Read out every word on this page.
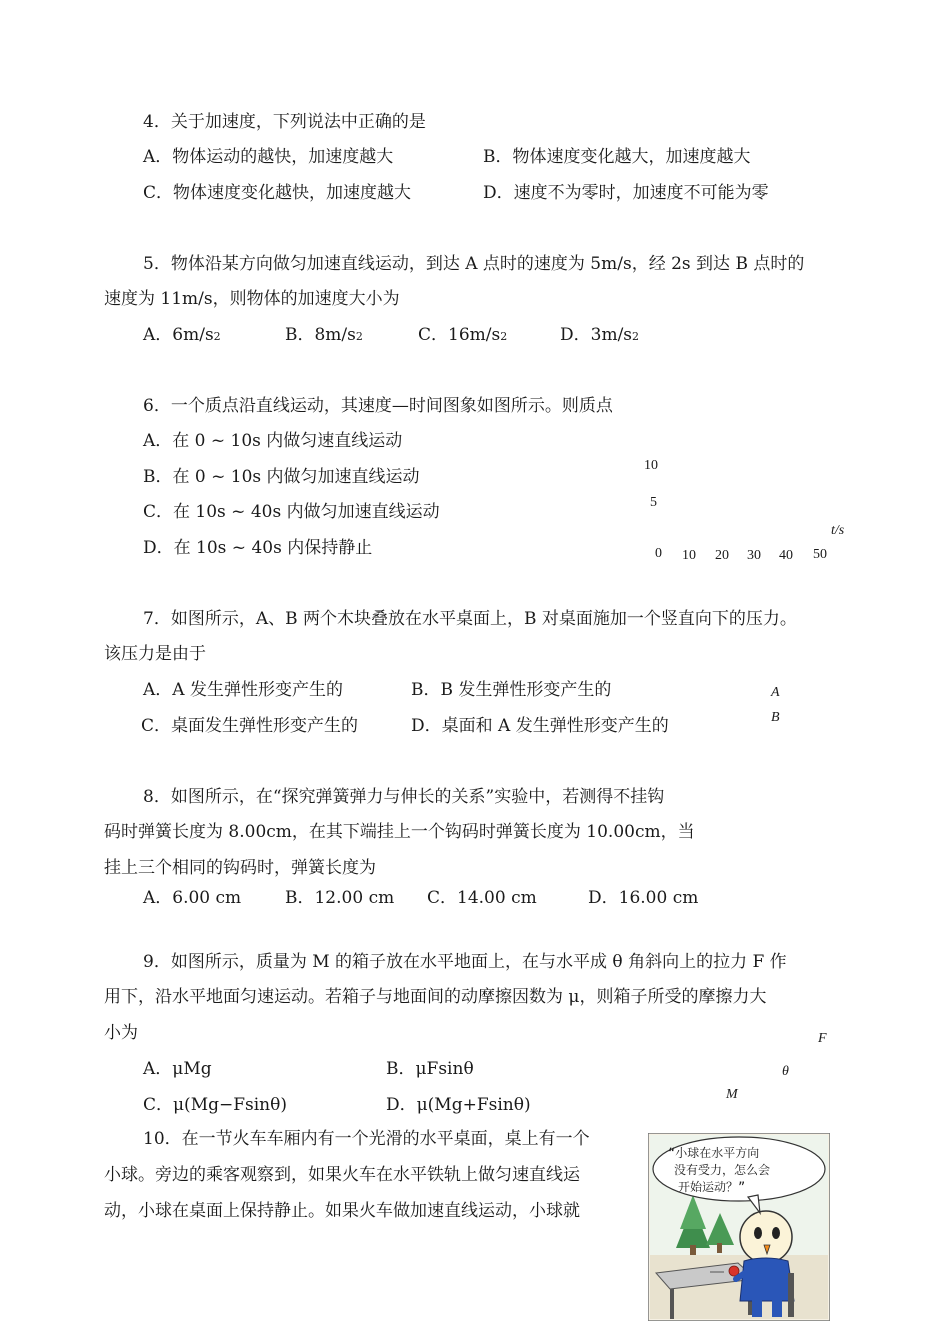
4．关于加速度，下列说法中正确的是
A．物体运动的越快，加速度越大	B．物体速度变化越大，加速度越大
C．物体速度变化越快，加速度越大	D．速度不为零时，加速度不可能为零
5．物体沿某方向做匀加速直线运动，到达 A 点时的速度为 5m/s，经 2s 到达 B 点时的
速度为 11m/s，则物体的加速度大小为
A．6m/s2	B．8m/s2	C．16m/s2	D．3m/s2
6．一个质点沿直线运动，其速度—时间图象如图所示。则质点
A．在 0 ~ 10s 内做匀速直线运动
B．在 0 ~ 10s 内做匀加速直线运动
C．在 10s ~ 40s 内做匀加速直线运动
D．在 10s ~ 40s 内保持静止
10
5
t/s
0 10 20 30 40 50
7．如图所示，A、B 两个木块叠放在水平桌面上，B 对桌面施加一个竖直向下的压力。
该压力是由于
A．A 发生弹性形变产生的	B．B 发生弹性形变产生的
C．桌面发生弹性形变产生的	D．桌面和 A 发生弹性形变产生的
A
B
8．如图所示，在“探究弹簧弹力与伸长的关系”实验中，若测得不挂钩
码时弹簧长度为 8.00cm，在其下端挂上一个钩码时弹簧长度为 10.00cm，当
挂上三个相同的钩码时，弹簧长度为
A．6.00 cm	B．12.00 cm C．14.00 cm	D．16.00 cm
9．如图所示，质量为 M 的箱子放在水平地面上，在与水平成 θ 角斜向上的拉力 F 作
用下，沿水平地面匀速运动。若箱子与地面间的动摩擦因数为 μ，则箱子所受的摩擦力大
小为
A．μMg	B．μFsinθ
C．μ(Mg−Fsinθ)	D．μ(Mg+Fsinθ)
F
θ
M
10．在一节火车车厢内有一个光滑的水平桌面，桌上有一个
小球。旁边的乘客观察到，如果火车在水平铁轨上做匀速直线运
动，小球在桌面上保持静止。如果火车做加速直线运动，小球就
“小球在水平方向
没有受力，怎么会
开始运动？”
